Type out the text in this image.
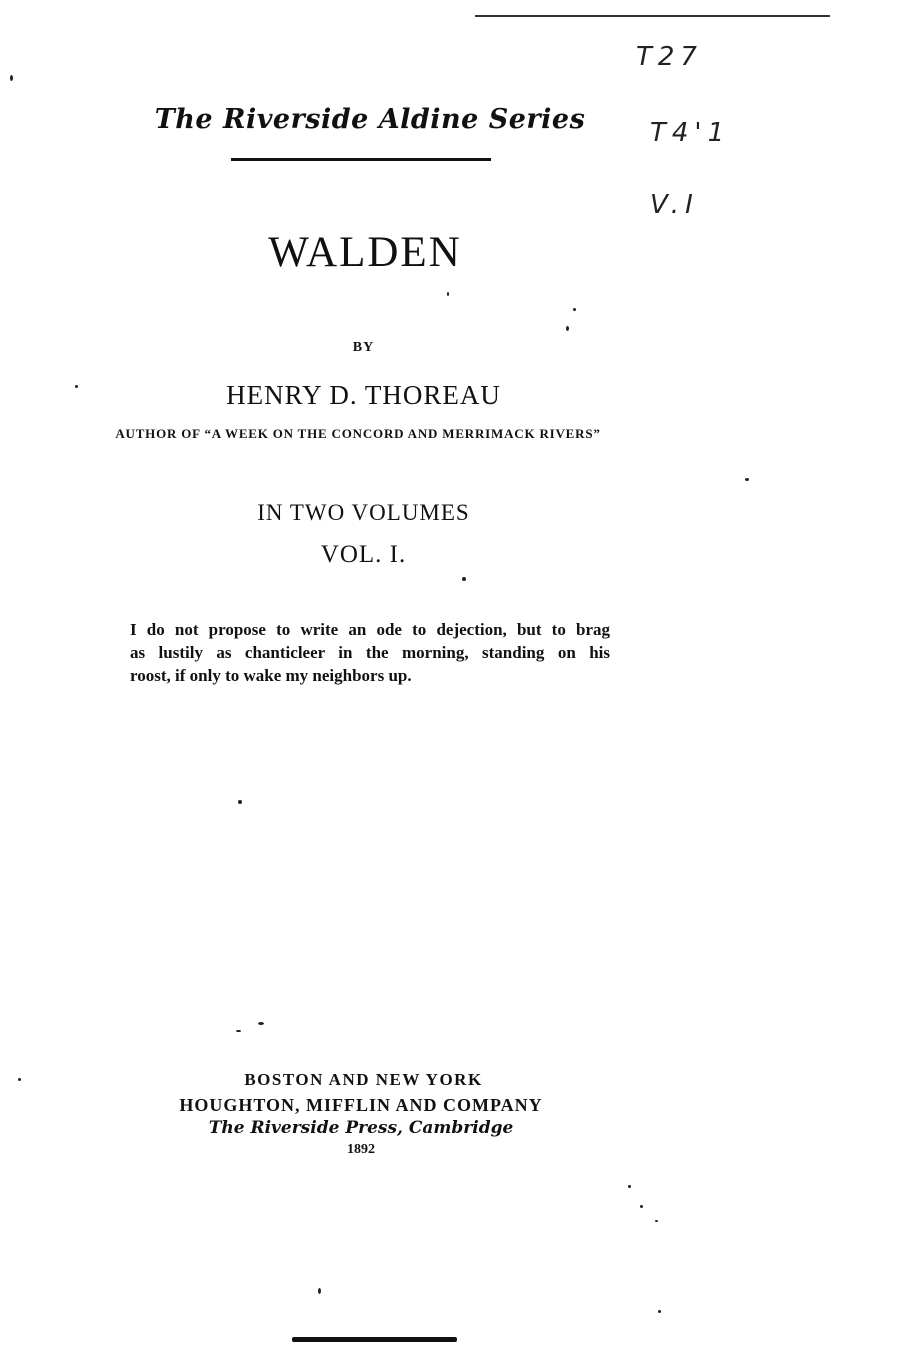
The Riverside Aldine Series
T27
T4'1
V.I
WALDEN
BY
HENRY D. THOREAU
AUTHOR OF “A WEEK ON THE CONCORD AND MERRIMACK RIVERS”
IN TWO VOLUMES
VOL. I.
I do not propose to write an ode to dejection, but to brag
as lustily as chanticleer in the morning, standing on his
roost, if only to wake my neighbors up.
BOSTON AND NEW YORK
HOUGHTON, MIFFLIN AND COMPANY
The Riverside Press, Cambridge
1892
